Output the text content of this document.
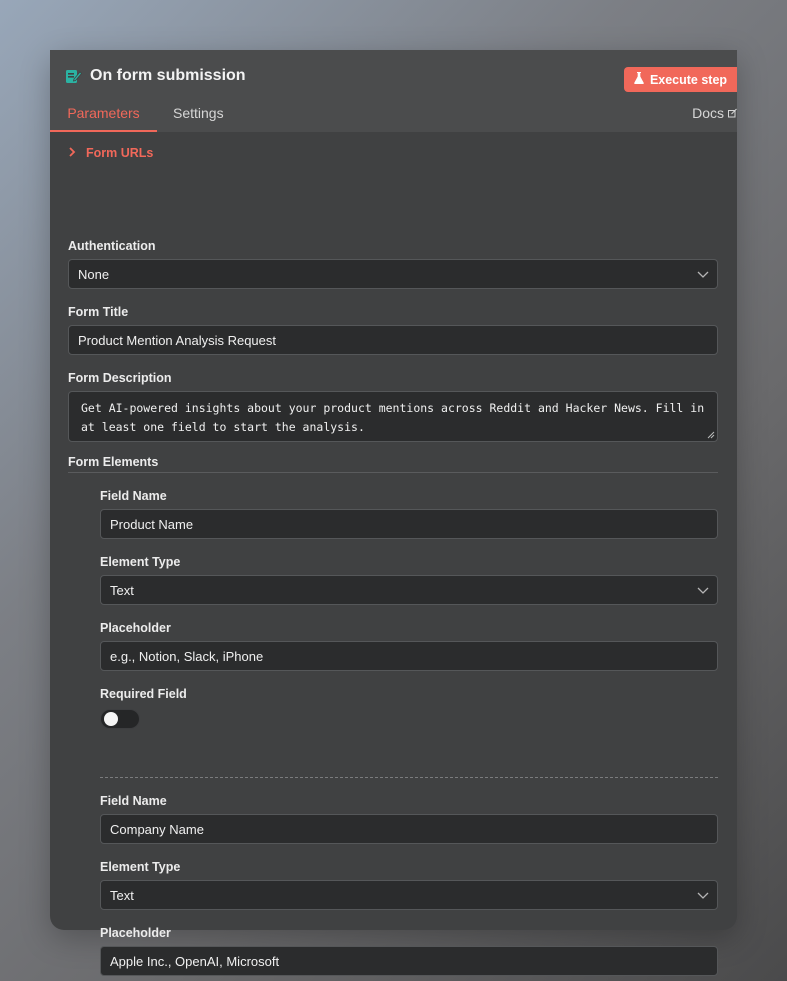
On form submission	Execute step
Parameters	Settings	Docs
Form URLs
Authentication
None
Form Title
Product Mention Analysis Request
Form Description
Get AI-powered insights about your product mentions across Reddit and Hacker News. Fill in at least one field to start the analysis.
Form Elements
Field Name
Product Name
Element Type
Text
Placeholder
e.g., Notion, Slack, iPhone
Required Field
Field Name
Company Name
Element Type
Text
Placeholder
Apple Inc., OpenAI, Microsoft
